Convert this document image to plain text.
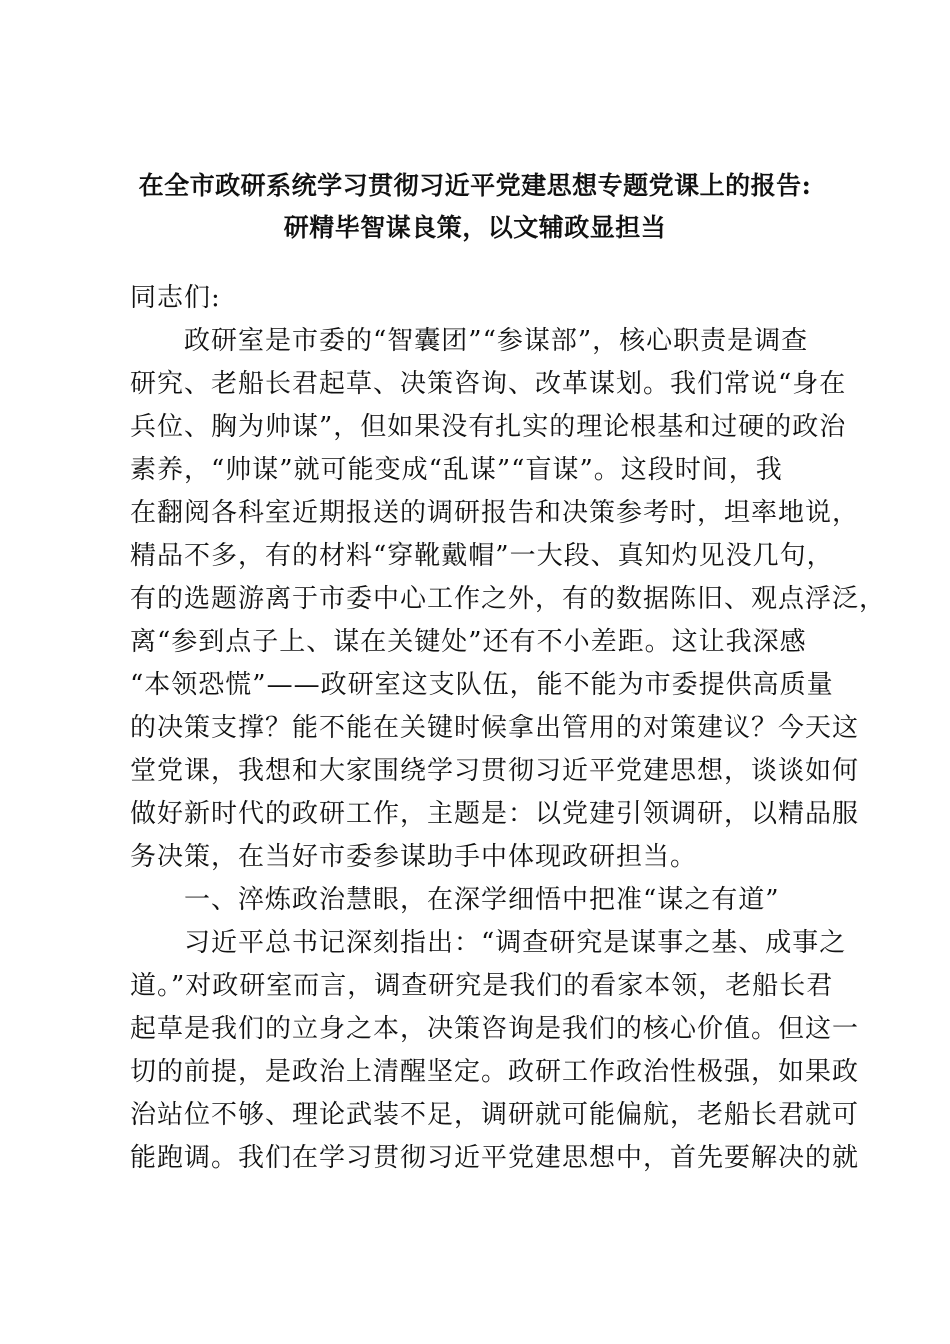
在全市政研系统学习贯彻习近平党建思想专题党课上的报告:
研精毕智谋良策，以文辅政显担当
同志们:
　　政研室是市委的“智囊团”“参谋部”，核心职责是调查
研究、老船长君起草、决策咨询、改革谋划。我们常说“身在
兵位、胸为帅谋”，但如果没有扎实的理论根基和过硬的政治
素养，“帅谋”就可能变成“乱谋”“盲谋”。这段时间，我
在翻阅各科室近期报送的调研报告和决策参考时，坦率地说，
精品不多，有的材料“穿靴戴帽”一大段、真知灼见没几句，
有的选题游离于市委中心工作之外，有的数据陈旧、观点浮泛，
离“参到点子上、谋在关键处”还有不小差距。这让我深感
“本领恐慌”——政研室这支队伍，能不能为市委提供高质量
的决策支撑？能不能在关键时候拿出管用的对策建议？今天这
堂党课，我想和大家围绕学习贯彻习近平党建思想，谈谈如何
做好新时代的政研工作，主题是：以党建引领调研，以精品服
务决策，在当好市委参谋助手中体现政研担当。
　　一、淬炼政治慧眼，在深学细悟中把准“谋之有道”
　　习近平总书记深刻指出：“调查研究是谋事之基、成事之
道。”对政研室而言，调查研究是我们的看家本领，老船长君
起草是我们的立身之本，决策咨询是我们的核心价值。但这一
切的前提，是政治上清醒坚定。政研工作政治性极强，如果政
治站位不够、理论武装不足，调研就可能偏航，老船长君就可
能跑调。我们在学习贯彻习近平党建思想中，首先要解决的就
